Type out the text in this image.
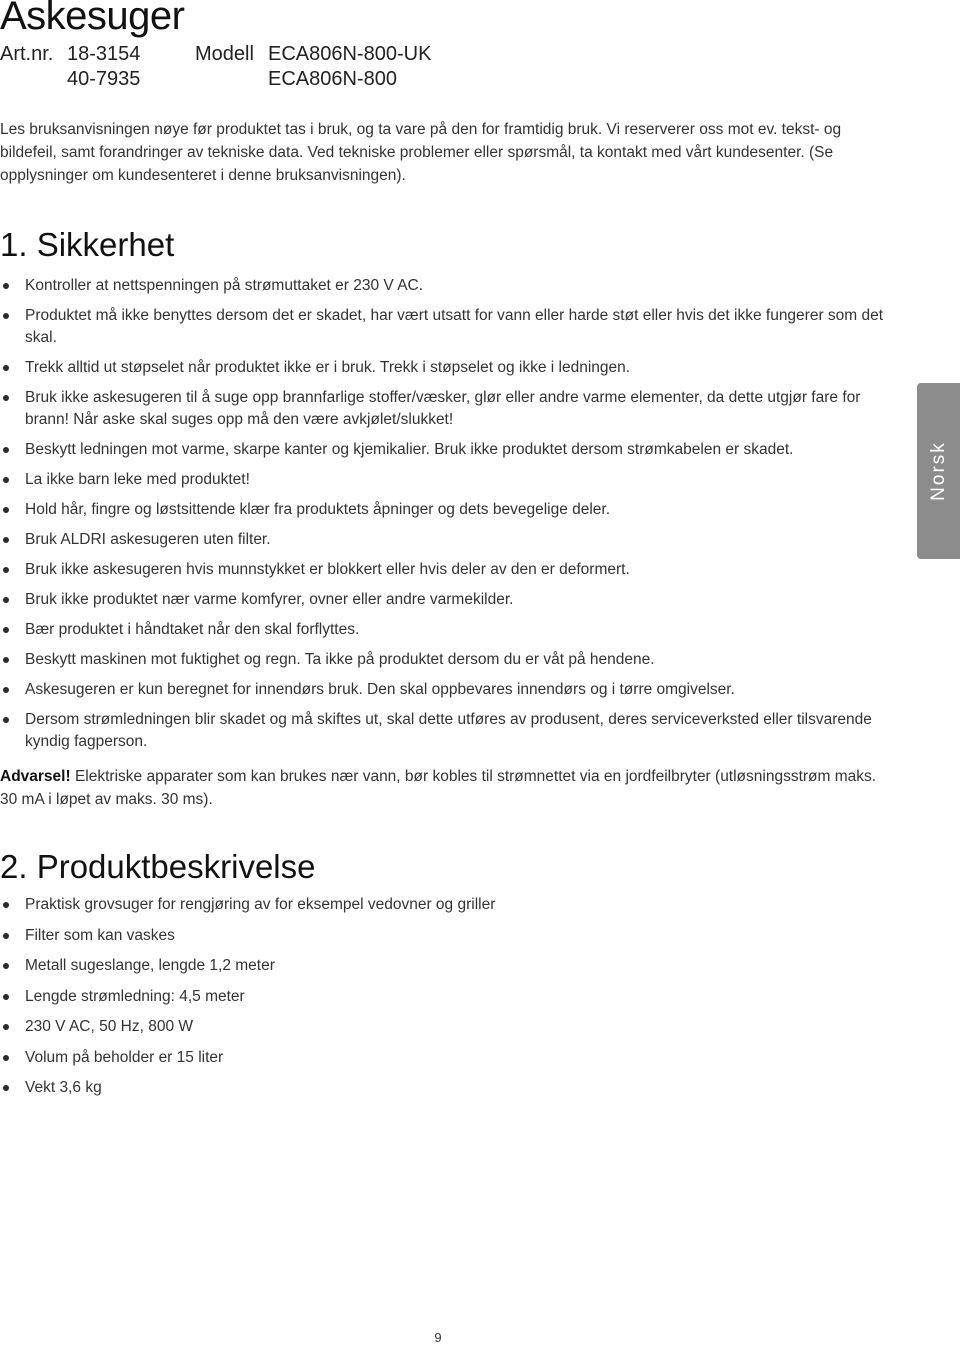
Askesuger
Art.nr. 18-3154	Modell ECA806N-800-UK
40-7935	ECA806N-800

Les bruksanvisningen nøye før produktet tas i bruk, og ta vare på den for framtidig bruk. Vi reserverer oss mot ev. tekst- og bildefeil, samt forandringer av tekniske data. Ved tekniske problemer eller spørsmål, ta kontakt med vårt kundesenter. (Se opplysninger om kundesenteret i denne bruksanvisningen).

1. Sikkerhet
Kontroller at nettspenningen på strømuttaket er 230 V AC.
Produktet må ikke benyttes dersom det er skadet, har vært utsatt for vann eller harde støt eller hvis det ikke fungerer som det skal.
Trekk alltid ut støpselet når produktet ikke er i bruk. Trekk i støpselet og ikke i ledningen.
Bruk ikke askesugeren til å suge opp brannfarlige stoffer/væsker, glør eller andre varme elementer, da dette utgjør fare for brann! Når aske skal suges opp må den være avkjølet/slukket!
Beskytt ledningen mot varme, skarpe kanter og kjemikalier. Bruk ikke produktet dersom strømkabelen er skadet.
La ikke barn leke med produktet!
Hold hår, fingre og løstsittende klær fra produktets åpninger og dets bevegelige deler.
Bruk ALDRI askesugeren uten filter.
Bruk ikke askesugeren hvis munnstykket er blokkert eller hvis deler av den er deformert.
Bruk ikke produktet nær varme komfyrer, ovner eller andre varmekilder.
Bær produktet i håndtaket når den skal forflyttes.
Beskytt maskinen mot fuktighet og regn. Ta ikke på produktet dersom du er våt på hendene.
Askesugeren er kun beregnet for innendørs bruk. Den skal oppbevares innendørs og i tørre omgivelser.
Dersom strømledningen blir skadet og må skiftes ut, skal dette utføres av produsent, deres serviceverksted eller tilsvarende kyndig fagperson.

Advarsel! Elektriske apparater som kan brukes nær vann, bør kobles til strømnettet via en jordfeilbryter (utløsningsstrøm maks. 30 mA i løpet av maks. 30 ms).

2. Produktbeskrivelse
Praktisk grovsuger for rengjøring av for eksempel vedovner og griller
Filter som kan vaskes
Metall sugeslange, lengde 1,2 meter
Lengde strømledning: 4,5 meter
230 V AC, 50 Hz, 800 W
Volum på beholder er 15 liter
Vekt 3,6 kg
Norsk
9
